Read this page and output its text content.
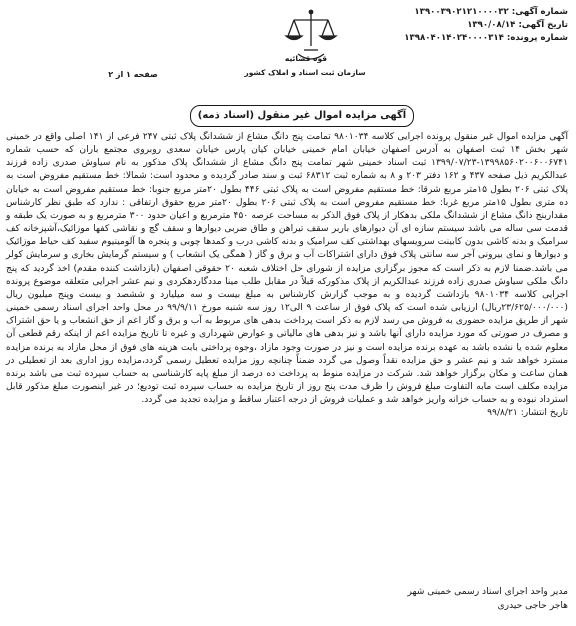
شماره آگهی: ۱۳۹۰۰۳۹۰۲۱۲۱۰۰۰۰۳۲
تاریخ آگهی: ۱۳۹۰/۰۸/۱۴
شماره پرونده: ۱۳۹۸۰۴۰۱۴۰۲۴۰۰۰۰۳۱۴
قوه قضائیه
سازمان ثبت اسناد و املاک کشور
صفحه ۱ از ۲
آگهی مزایده اموال غیر منقول (اسناد ذمه)

آگهی مزایده اموال غیر منقول پرونده اجرایی کلاسه ۹۸۰۱۰۳۴ تمامت پنج دانگ مشاع از ششدانگ پلاک ثبتی ۲۴۷ فرعی از ۱۴۱ اصلی واقع در خمینی شهر بخش ۱۴ ثبت اصفهان به آدرس اصفهان خیابان امام خمینی خیابان کیان پارس خیابان سعدی روبروی مجتمع باران که حسب شماره ۱۳۹۹۸۵۶۰۲۰۰۶۰۰۶۷۴۱-۱۳۹۹/۰۷/۲۳ ثبت اسناد خمینی شهر تمامت پنج دانگ مشاع از ششدانگ پلاک مذکور به نام سیاوش صدری زاده فرزند عبدالکریم ذیل صفحه ۴۳۷ و ۱۶۲ دفتر ۲۰۳ و ۸ به شماره ثبت ۶۸۳۱۲ ثبت و سند صادر گردیده و محدود است: شمالا: خط مستقیم مفروض است به پلاک ثبتی ۲۰۶ بطول ۱۵متر مربع شرقا: خط مستقیم مفروض است به پلاک ثبتی ۴۴۶ بطول ۲۰متر مربع جنوبا: خط مستقیم مفروض است به خیابان ده متری بطول ۱۵متر مربع غربا: خط مستقیم مفروض است به پلاک ثبتی ۲۰۶ بطول ۲۰متر مربع حقوق ارتفاقی : ندارد که طبق نظر کارشناس مقداربنج دانگ مشاع از ششدانگ ملکی بدهکار از پلاک فوق الذکر به مساحت عرصه ۴۵۰ مترمربع و اعیان حدود ۳۰۰ مترمربع و به صورت یک طبقه و قدمت سی ساله می باشد سیستم سازه ای آن دیوارهای باربر سقف تیراهن و طاق ضربی دیوارها و سقف گچ و نقاشی کفها موزائیک،آشپزخانه کف سرامیک و بدنه کاشی بدون کابینت سرویسهای بهداشتی کف سرامیک و بدنه کاشی درب و کمدها چوبی و پنجره ها آلومینیوم سفید کف حیاط موزائیک و دیوارها و نمای بیرونی آجر سه سانتی پلاک فوق دارای اشتراکات آب و برق و گاز ( همگی یک انشعاب ) و سیستم گرمایش بخاری و سرمایش کولر می باشد.ضمنا لازم به ذکر است که مجوز برگزاری مزایده از شورای حل اختلاف شعبه ۲۰ حقوقی اصفهان (بازداشت کننده مقدم) اخذ گردید که پنج دانگ ملکی سیاوش صدری زاده فرزند عبدالکریم از پلاک مذکورکه قبلاً در مقابل طلب مینا مددگاردهکردی و نیم عشر اجرایی متعلقه موضوع پرونده اجرایی کلاسه ۹۸۰۱۰۳۴ بازداشت گردیده و به موجب گزارش کارشناس به مبلغ بیست و سه میلیارد و ششصد و بیست وپنج میلیون ریال (۲۳/۶۲۵/۰۰۰/۰۰۰ریال) ارزیابی شده است که پلاک فوق از ساعت ۹ الی۱۲ روز سه شنبه مورخ ۹۹/۹/۱۱ در محل واحد اجرای اسناد رسمی خمینی شهر از طریق مزایده حضوری به فروش می رسد لازم به ذکر است پرداخت بدهی های مربوط به آب و برق و گاز اعم از حق انشعاب و یا حق اشتراک و مصرف در صورتی که مورد مزایده دارای آنها باشد و نیز بدهی های مالیاتی و عوارض شهرداری و غیره تا تاریخ مزایده اعم از اینکه رقم قطعی آن معلوم شده یا نشده باشد به عهده برنده مزایده است و نیز در صورت وجود مازاد ،وجوه پرداختی بابت هزینه های فوق از محل مازاد به برنده مزایده مسترد خواهد شد و نیم عشر و حق مزایده نقداً وصول می گردد ضمناً چنانچه روز مزایده تعطیل رسمی گردد،مزایده روز اداری بعد از تعطیلی در همان ساعت و مکان برگزار خواهد شد. شرکت در مزایده منوط به پرداخت ده درصد از مبلغ پایه کارشناسی به حساب سپرده ثبت می باشد برنده مزایده مکلف است مابه التفاوت مبلغ فروش را ظرف مدت پنج روز از تاریخ مزایده به حساب سپرده ثبت تودیع؛ در غیر اینصورت مبلغ مذکور قابل استرداد نبوده و به حساب خزانه واریز خواهد شد و عملیات فروش از درجه اعتبار ساقط و مزایده تجدید می گردد.

تاریخ انتشار: ۹۹/۸/۲۱

مدیر واحد اجرای اسناد رسمی خمینی شهر
هاجر حاجی حیدری
